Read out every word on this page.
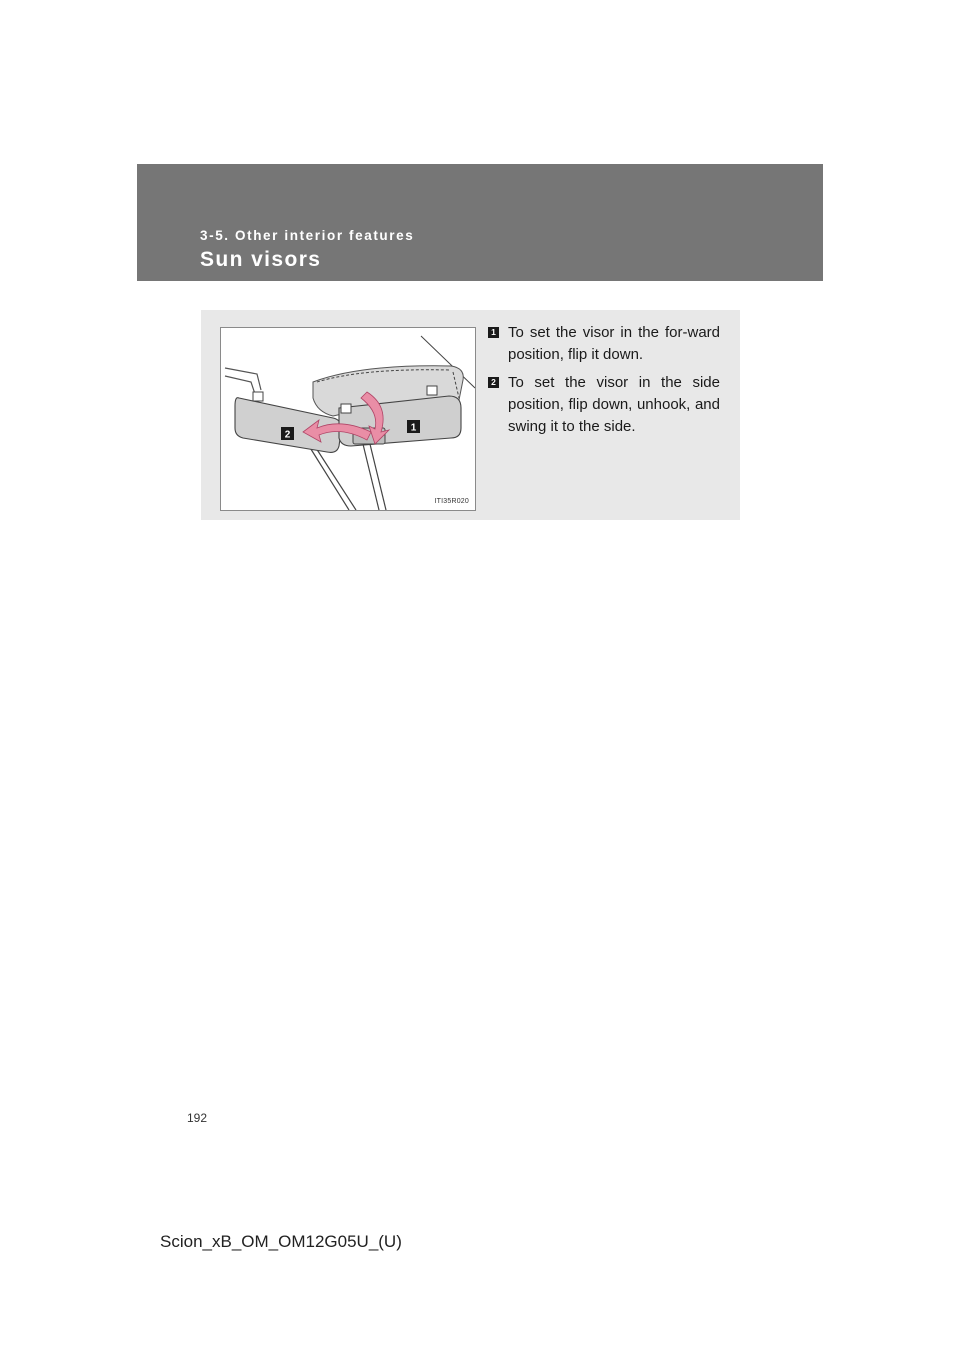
3-5. Other interior features
Sun visors
1
2
ITI35R020
1 To set the visor in the for-ward position, flip it down.

2 To set the visor in the side position, flip down, unhook, and swing it to the side.

192
Scion_xB_OM_OM12G05U_(U)
